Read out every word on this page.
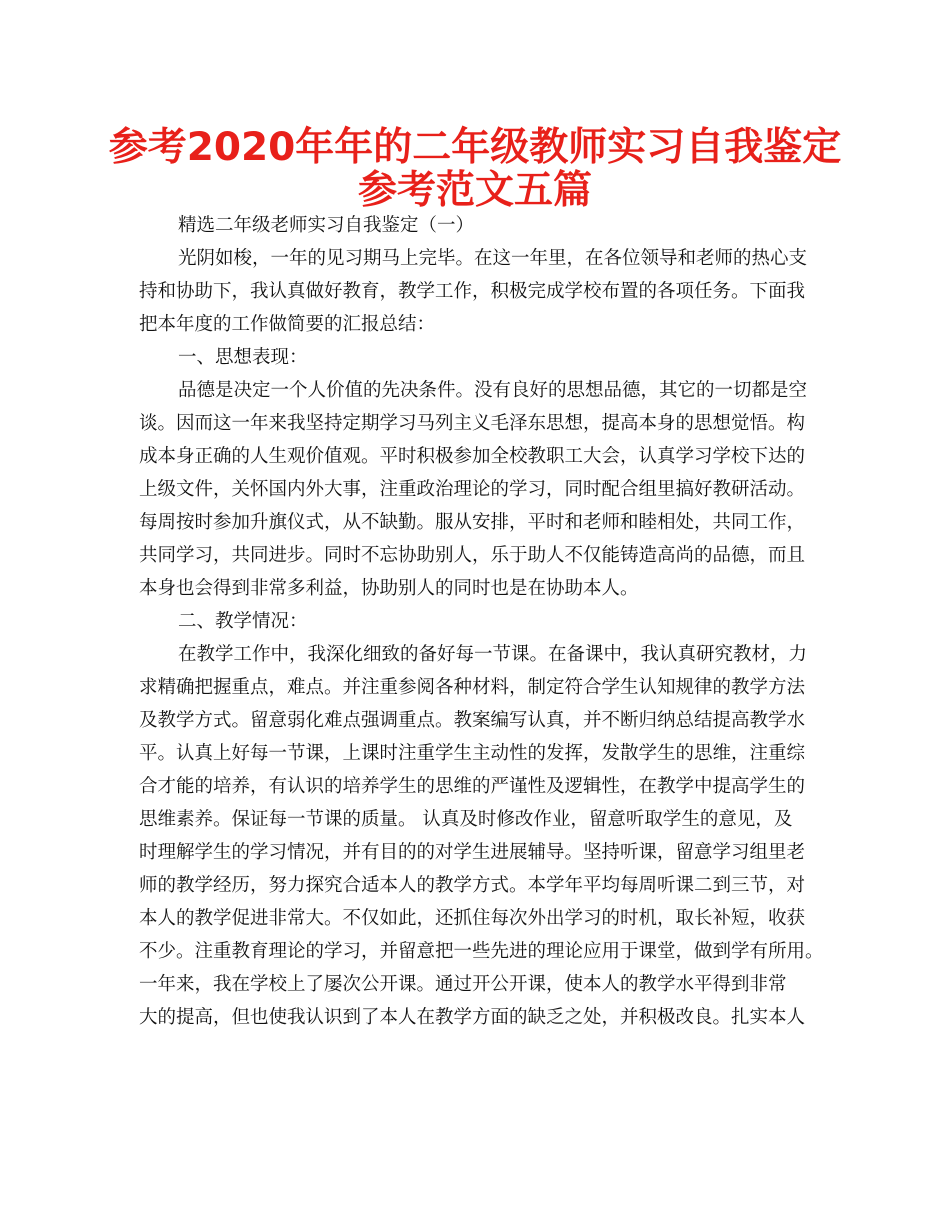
参考2020年年的二年级教师实习自我鉴定
参考范文五篇
精选二年级老师实习自我鉴定（一）
光阴如梭，一年的见习期马上完毕。在这一年里，在各位领导和老师的热心支
持和协助下，我认真做好教育，教学工作，积极完成学校布置的各项任务。下面我
把本年度的工作做简要的汇报总结：
一、思想表现：
品德是决定一个人价值的先决条件。没有良好的思想品德，其它的一切都是空
谈。因而这一年来我坚持定期学习马列主义毛泽东思想，提高本身的思想觉悟。构
成本身正确的人生观价值观。平时积极参加全校教职工大会，认真学习学校下达的
上级文件，关怀国内外大事，注重政治理论的学习，同时配合组里搞好教研活动。
每周按时参加升旗仪式，从不缺勤。服从安排，平时和老师和睦相处，共同工作，
共同学习，共同进步。同时不忘协助别人，乐于助人不仅能铸造高尚的品德，而且
本身也会得到非常多利益，协助别人的同时也是在协助本人。
二、教学情况：
在教学工作中，我深化细致的备好每一节课。在备课中，我认真研究教材，力
求精确把握重点，难点。并注重参阅各种材料，制定符合学生认知规律的教学方法
及教学方式。留意弱化难点强调重点。教案编写认真，并不断归纳总结提高教学水
平。认真上好每一节课，上课时注重学生主动性的发挥，发散学生的思维，注重综
合才能的培养，有认识的培养学生的思维的严谨性及逻辑性，在教学中提高学生的
思维素养。保证每一节课的质量。 认真及时修改作业，留意听取学生的意见，及
时理解学生的学习情况，并有目的的对学生进展辅导。坚持听课，留意学习组里老
师的教学经历，努力探究合适本人的教学方式。本学年平均每周听课二到三节，对
本人的教学促进非常大。不仅如此，还抓住每次外出学习的时机，取长补短，收获
不少。注重教育理论的学习，并留意把一些先进的理论应用于课堂，做到学有所用。
一年来，我在学校上了屡次公开课。通过开公开课，使本人的教学水平得到非常
大的提高，但也使我认识到了本人在教学方面的缺乏之处，并积极改良。扎实本人
